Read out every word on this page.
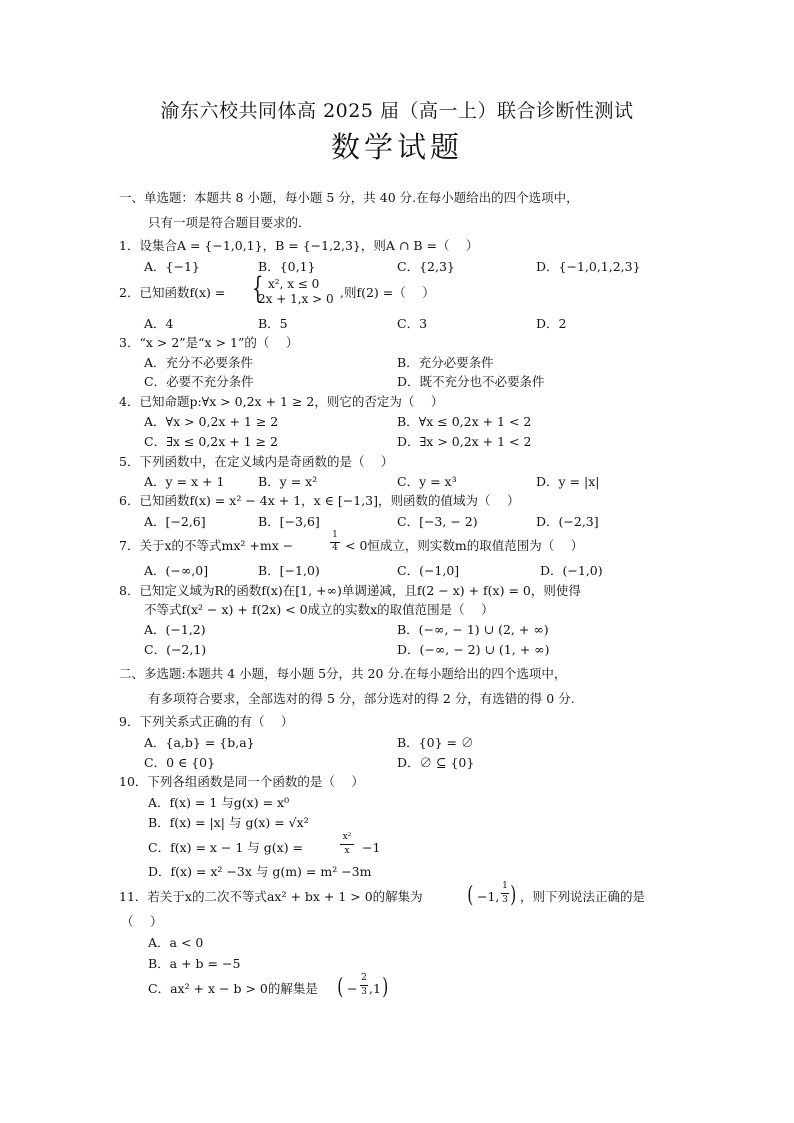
渝东六校共同体高 2025 届（高一上）联合诊断性测试
数学试题
一、单选题：本题共 8 小题，每小题 5 分，共 40 分.在每小题给出的四个选项中，
只有一项是符合题目要求的．
1．设集合A = {−1,0,1}，B = {−1,2,3}，则A ∩ B =（　 ）
A．{−1}	B．{0,1}	C．{2,3}	D．{−1,0,1,2,3}
2．已知函数f(x) = { x², x ≤ 0
2x + 1,x > 0 ,则f(2) =（　 ）
A．4	B．5	C．3	D．2
3．“x > 2”是“x > 1”的（　 ）
A．充分不必要条件	B．充分必要条件
C．必要不充分条件	D．既不充分也不必要条件
4．已知命题p:∀x > 0,2x + 1 ≥ 2，则它的否定为（　 ）
A．∀x > 0,2x + 1 ≥ 2	B．∀x ≤ 0,2x + 1 < 2
C．∃x ≤ 0,2x + 1 ≥ 2	D．∃x > 0,2x + 1 < 2
5．下列函数中，在定义域内是奇函数的是（　 ）
A．y = x + 1	B．y = x²	C．y = x³	D．y = |x|
6．已知函数f(x) = x² − 4x + 1，x ∈ [−1,3]，则函数的值域为（　 ）
A．[−2,6]	B．[−3,6]	C．[−3, − 2)	D．(−2,3]
7．关于x的不等式mx² +mx −
1
4 < 0恒成立，则实数m的取值范围为（　 ）
A．(−∞,0]	B．[−1,0)	C．(−1,0]	D．(−1,0)
8．已知定义域为R的函数f(x)在[1, +∞)单调递减，且f(2 − x) + f(x) = 0，则使得
不等式f(x² − x) + f(2x) < 0成立的实数x的取值范围是（　 ）
A．(−1,2)	B．(−∞, − 1) ∪ (2, + ∞)
C．(−2,1)	D．(−∞, − 2) ∪ (1, + ∞)
二、多选题:本题共 4 小题，每小题 5分，共 20 分.在每小题给出的四个选项中，
有多项符合要求，全部选对的得 5 分，部分选对的得 2 分，有选错的得 0 分.
9．下列关系式正确的有（　 ）
A．{a,b} = {b,a}	B．{0} = ∅
C．0 ∈ {0}	D．∅ ⊆ {0}
10．下列各组函数是同一个函数的是（　 ）
A．f(x) = 1 与g(x) = x⁰
B．f(x) = |x| 与 g(x) = √x²
C．f(x) = x − 1 与 g(x) =
x²
x −1
D．f(x) = x² −3x 与 g(m) = m² −3m
11．若关于x的二次不等式ax² + bx + 1 > 0的解集为 ( −1,
1
3 ) ，则下列说法正确的是
（　 ）
A．a < 0
B．a + b = −5
C．ax² + x − b > 0的解集是 ( −
2
3 ,1 )
